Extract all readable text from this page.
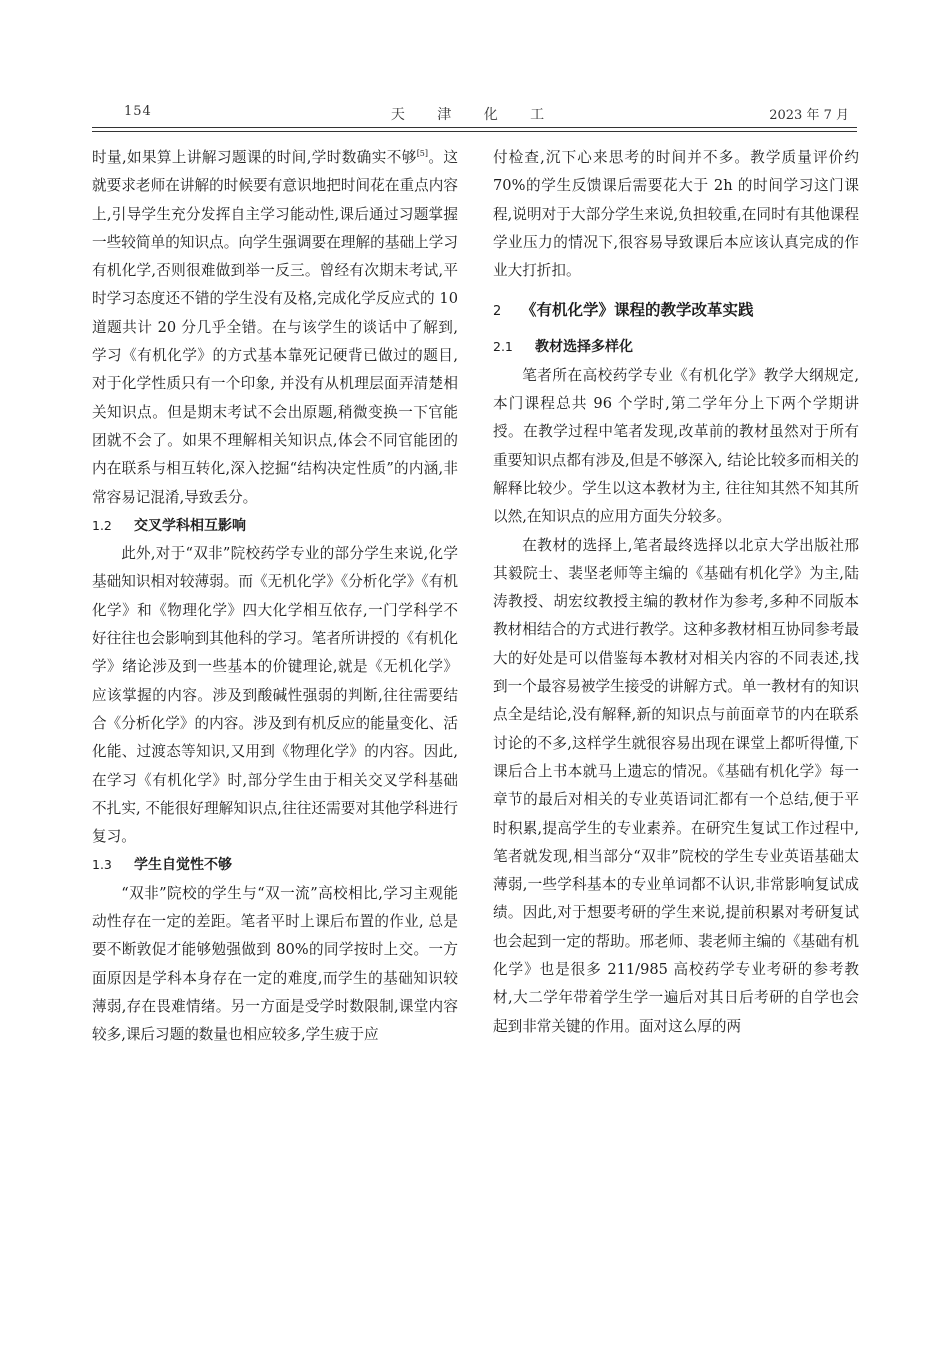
154	天 津 化 工	2023 年 7 月

时量,如果算上讲解习题课的时间,学时数确实不够[5]。这就要求老师在讲解的时候要有意识地把时间花在重点内容上,引导学生充分发挥自主学习能动性,课后通过习题掌握一些较简单的知识点。向学生强调要在理解的基础上学习有机化学,否则很难做到举一反三。曾经有次期末考试,平时学习态度还不错的学生没有及格,完成化学反应式的 10 道题共计 20 分几乎全错。在与该学生的谈话中了解到,学习《有机化学》的方式基本靠死记硬背已做过的题目,对于化学性质只有一个印象, 并没有从机理层面弄清楚相关知识点。但是期末考试不会出原题,稍微变换一下官能团就不会了。如果不理解相关知识点,体会不同官能团的内在联系与相互转化,深入挖掘“结构决定性质”的内涵,非常容易记混淆,导致丢分。

1.2 交叉学科相互影响

此外,对于“双非”院校药学专业的部分学生来说,化学基础知识相对较薄弱。而《无机化学》《分析化学》《有机化学》和《物理化学》四大化学相互依存,一门学科学不好往往也会影响到其他科的学习。笔者所讲授的《有机化学》绪论涉及到一些基本的价键理论,就是《无机化学》应该掌握的内容。涉及到酸碱性强弱的判断,往往需要结合《分析化学》的内容。涉及到有机反应的能量变化、活化能、过渡态等知识,又用到《物理化学》的内容。因此,在学习《有机化学》时,部分学生由于相关交叉学科基础不扎实, 不能很好理解知识点,往往还需要对其他学科进行复习。

1.3 学生自觉性不够

“双非”院校的学生与“双一流”高校相比,学习主观能动性存在一定的差距。笔者平时上课后布置的作业, 总是要不断敦促才能够勉强做到 80%的同学按时上交。一方面原因是学科本身存在一定的难度,而学生的基础知识较薄弱,存在畏难情绪。另一方面是受学时数限制,课堂内容较多,课后习题的数量也相应较多,学生疲于应

付检查,沉下心来思考的时间并不多。教学质量评价约 70%的学生反馈课后需要花大于 2h 的时间学习这门课程,说明对于大部分学生来说,负担较重,在同时有其他课程学业压力的情况下,很容易导致课后本应该认真完成的作业大打折扣。

2 《有机化学》课程的教学改革实践
2.1 教材选择多样化

笔者所在高校药学专业《有机化学》教学大纲规定,本门课程总共 96 个学时,第二学年分上下两个学期讲授。在教学过程中笔者发现,改革前的教材虽然对于所有重要知识点都有涉及,但是不够深入, 结论比较多而相关的解释比较少。学生以这本教材为主, 往往知其然不知其所以然,在知识点的应用方面失分较多。

在教材的选择上,笔者最终选择以北京大学出版社邢其毅院士、裴坚老师等主编的《基础有机化学》为主,陆涛教授、胡宏纹教授主编的教材作为参考,多种不同版本教材相结合的方式进行教学。这种多教材相互协同参考最大的好处是可以借鉴每本教材对相关内容的不同表述,找到一个最容易被学生接受的讲解方式。单一教材有的知识点全是结论,没有解释,新的知识点与前面章节的内在联系讨论的不多,这样学生就很容易出现在课堂上都听得懂,下课后合上书本就马上遗忘的情况。《基础有机化学》每一章节的最后对相关的专业英语词汇都有一个总结,便于平时积累,提高学生的专业素养。在研究生复试工作过程中,笔者就发现,相当部分“双非”院校的学生专业英语基础太薄弱,一些学科基本的专业单词都不认识,非常影响复试成绩。因此,对于想要考研的学生来说,提前积累对考研复试也会起到一定的帮助。邢老师、裴老师主编的《基础有机化学》也是很多 211/985 高校药学专业考研的参考教材,大二学年带着学生学一遍后对其日后考研的自学也会起到非常关键的作用。面对这么厚的两
